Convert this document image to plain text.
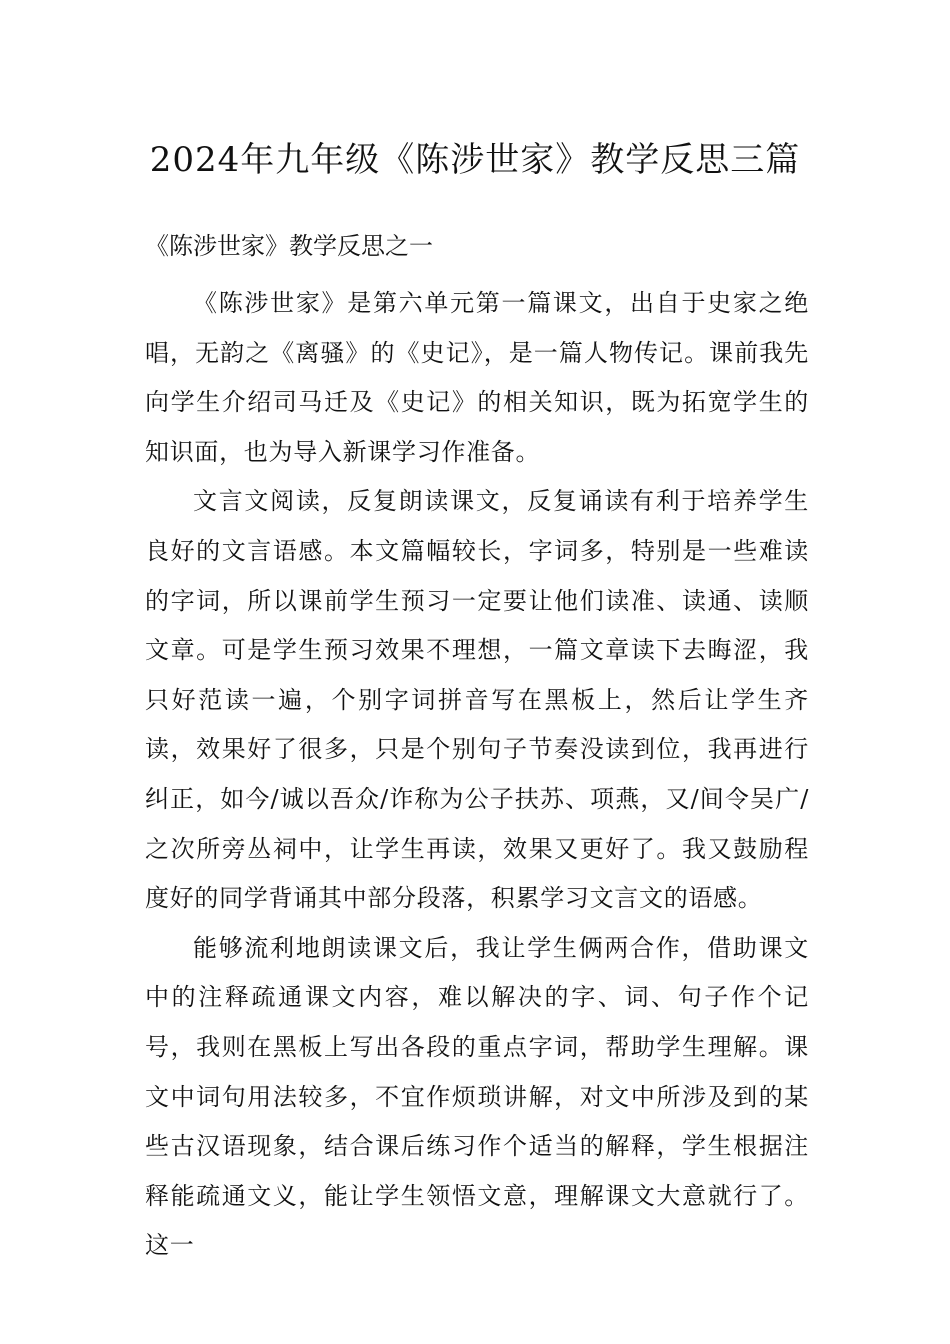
2024年九年级《陈涉世家》教学反思三篇
《陈涉世家》教学反思之一

《陈涉世家》是第六单元第一篇课文，出自于史家之绝唱，无韵之《离骚》的《史记》，是一篇人物传记。课前我先向学生介绍司马迁及《史记》的相关知识，既为拓宽学生的知识面，也为导入新课学习作准备。

文言文阅读，反复朗读课文，反复诵读有利于培养学生良好的文言语感。本文篇幅较长，字词多，特别是一些难读的字词，所以课前学生预习一定要让他们读准、读通、读顺文章。可是学生预习效果不理想，一篇文章读下去晦涩，我只好范读一遍，个别字词拼音写在黑板上，然后让学生齐读，效果好了很多，只是个别句子节奏没读到位，我再进行纠正，如今/诚以吾众/诈称为公子扶苏、项燕，又/间令吴广/之次所旁丛祠中，让学生再读，效果又更好了。我又鼓励程度好的同学背诵其中部分段落，积累学习文言文的语感。

能够流利地朗读课文后，我让学生俩两合作，借助课文中的注释疏通课文内容，难以解决的字、词、句子作个记号，我则在黑板上写出各段的重点字词，帮助学生理解。课文中词句用法较多，不宜作烦琐讲解，对文中所涉及到的某些古汉语现象，结合课后练习作个适当的解释，学生根据注释能疏通文义，能让学生领悟文意，理解课文大意就行了。这一
